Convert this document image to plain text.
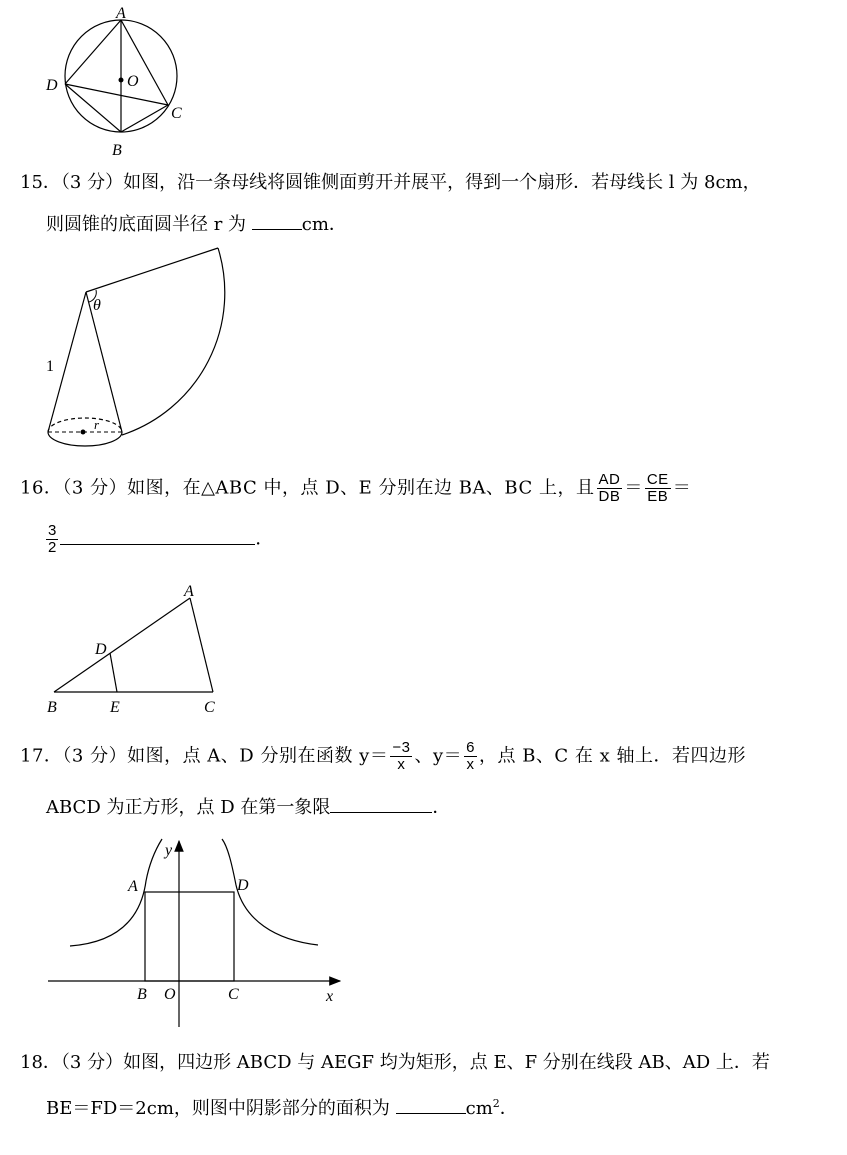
A
D	O
C
B
15．（3 分）如图，沿一条母线将圆锥侧面剪开并展平，得到一个扇形．若母线长 l 为 8cm，
则圆锥的底面圆半径 r 为	cm．
θ
1
r
16．（3 分）如图，在△ABC 中，点 D、E 分别在边 BA、BC 上，且 $\frac{AD}{DB} = \frac{CE}{EB}$ ＝
$\frac{3}{2}$	．
A
D
B	E	C
17．（3 分）如图，点 A、D 分别在函数 $y= \frac{-3}{x}$ 、$y= \frac{6}{x}$ ，点 B、C 在 x 轴上．若四边形
ABCD 为正方形，点 D 在第一象限	．
y
A	D
B O	C	x
18．（3 分）如图，四边形 ABCD 与 AEGF 均为矩形，点 E、F 分别在线段 AB、AD 上．若
BE＝FD＝2cm，则图中阴影部分的面积为	$cm^2$．
